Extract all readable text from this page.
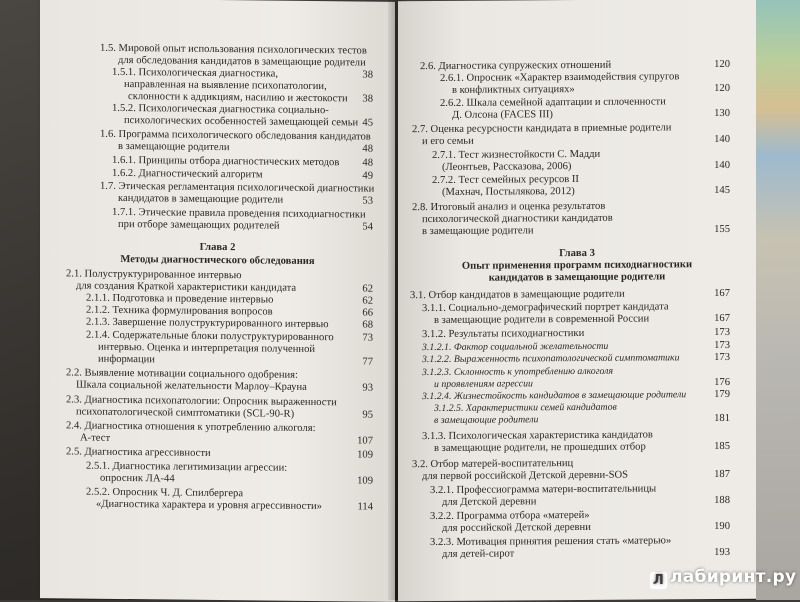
1.5. Мировой опыт использования психологических тестов
для обследования кандидатов в замещающие родители
1.5.1. Психологическая диагностика,	38
направленная на выявление психопатологии,
склонности к аддикциям, насилию и жестокости 38
1.5.2. Психологическая диагностика социально-
психологических особенностей замещающей семьи 45
1.6. Программа психологического обследования кандидатов
в замещающие родители	48
1.6.1. Принципы отбора диагностических методов 48
1.6.2. Диагностический алгоритм	49
1.7. Этическая регламентация психологической диагностики
кандидатов в замещающие родители	53
1.7.1. Этические правила проведения психодиагностики
при отборе замещающих родителей	54
Глава 2
Методы диагностического обследования
2.1. Полуструктурированное интервью
для создания Краткой характеристики кандидата	62
2.1.1. Подготовка и проведение интервью	62
2.1.2. Техника формулирования вопросов	66
2.1.3. Завершение полуструктурированного интервью	68
2.1.4. Содержательные блоки полуструктурированного	73
интервью. Оценка и интерпретация полученной
информации	77
2.2. Выявление мотивации социального одобрения:
Шкала социальной желательности Марлоу–Крауна	93
2.3. Диагностика психопатологии: Опросник выраженности
психопатологической симптоматики (SCL-90-R)	95
2.4. Диагностика отношения к употреблению алкоголя:
А-тест	107
2.5. Диагностика агрессивности	109
2.5.1. Диагностика легитимизации агрессии:
опросник ЛА-44	109
2.5.2. Опросник Ч. Д. Спилбергера
«Диагностика характера и уровня агрессивности»	114
2.6. Диагностика супружеских отношений	120
2.6.1. Опросник «Характер взаимодействия супругов
в конфликтных ситуациях»	120
2.6.2. Шкала семейной адаптации и сплоченности
Д. Олсона (FACES III)	130
2.7. Оценка ресурсности кандидата в приемные родители
и его семьи	140
2.7.1. Тест жизнестойкости С. Мадди
(Леонтьев, Рассказова, 2006)	140
2.7.2. Тест семейных ресурсов II
(Махнач, Постылякова, 2012)	145
2.8. Итоговый анализ и оценка результатов
психологической диагностики кандидатов
в замещающие родители	155
Глава 3
Опыт применения программ психодиагностики
кандидатов в замещающие родители
3.1. Отбор кандидатов в замещающие родители	167
3.1.1. Социально-демографический портрет кандидата
в замещающие родители в современной России	167
3.1.2. Результаты психодиагностики	173
3.1.2.1. Фактор социальной желательности	173
3.1.2.2. Выраженность психопатологической симптоматики	173
3.1.2.3. Склонность к употреблению алкоголя
и проявлениям агрессии	176
3.1.2.4. Жизнестойкость кандидатов в замещающие родители	179
3.1.2.5. Характеристики семей кандидатов
в замещающие родители	181
3.1.3. Психологическая характеристика кандидатов
в замещающие родители, не прошедших отбор	185
3.2. Отбор матерей-воспитательниц
для первой российской Детской деревни-SOS	187
3.2.1. Профессиограмма матери-воспитательницы
для Детской деревни	188
3.2.2. Программа отбора «матерей»
для российской Детской деревни	190
3.2.3. Мотивация принятия решения стать «матерью»
для детей-сирот	193
Л лабиринт.ру
